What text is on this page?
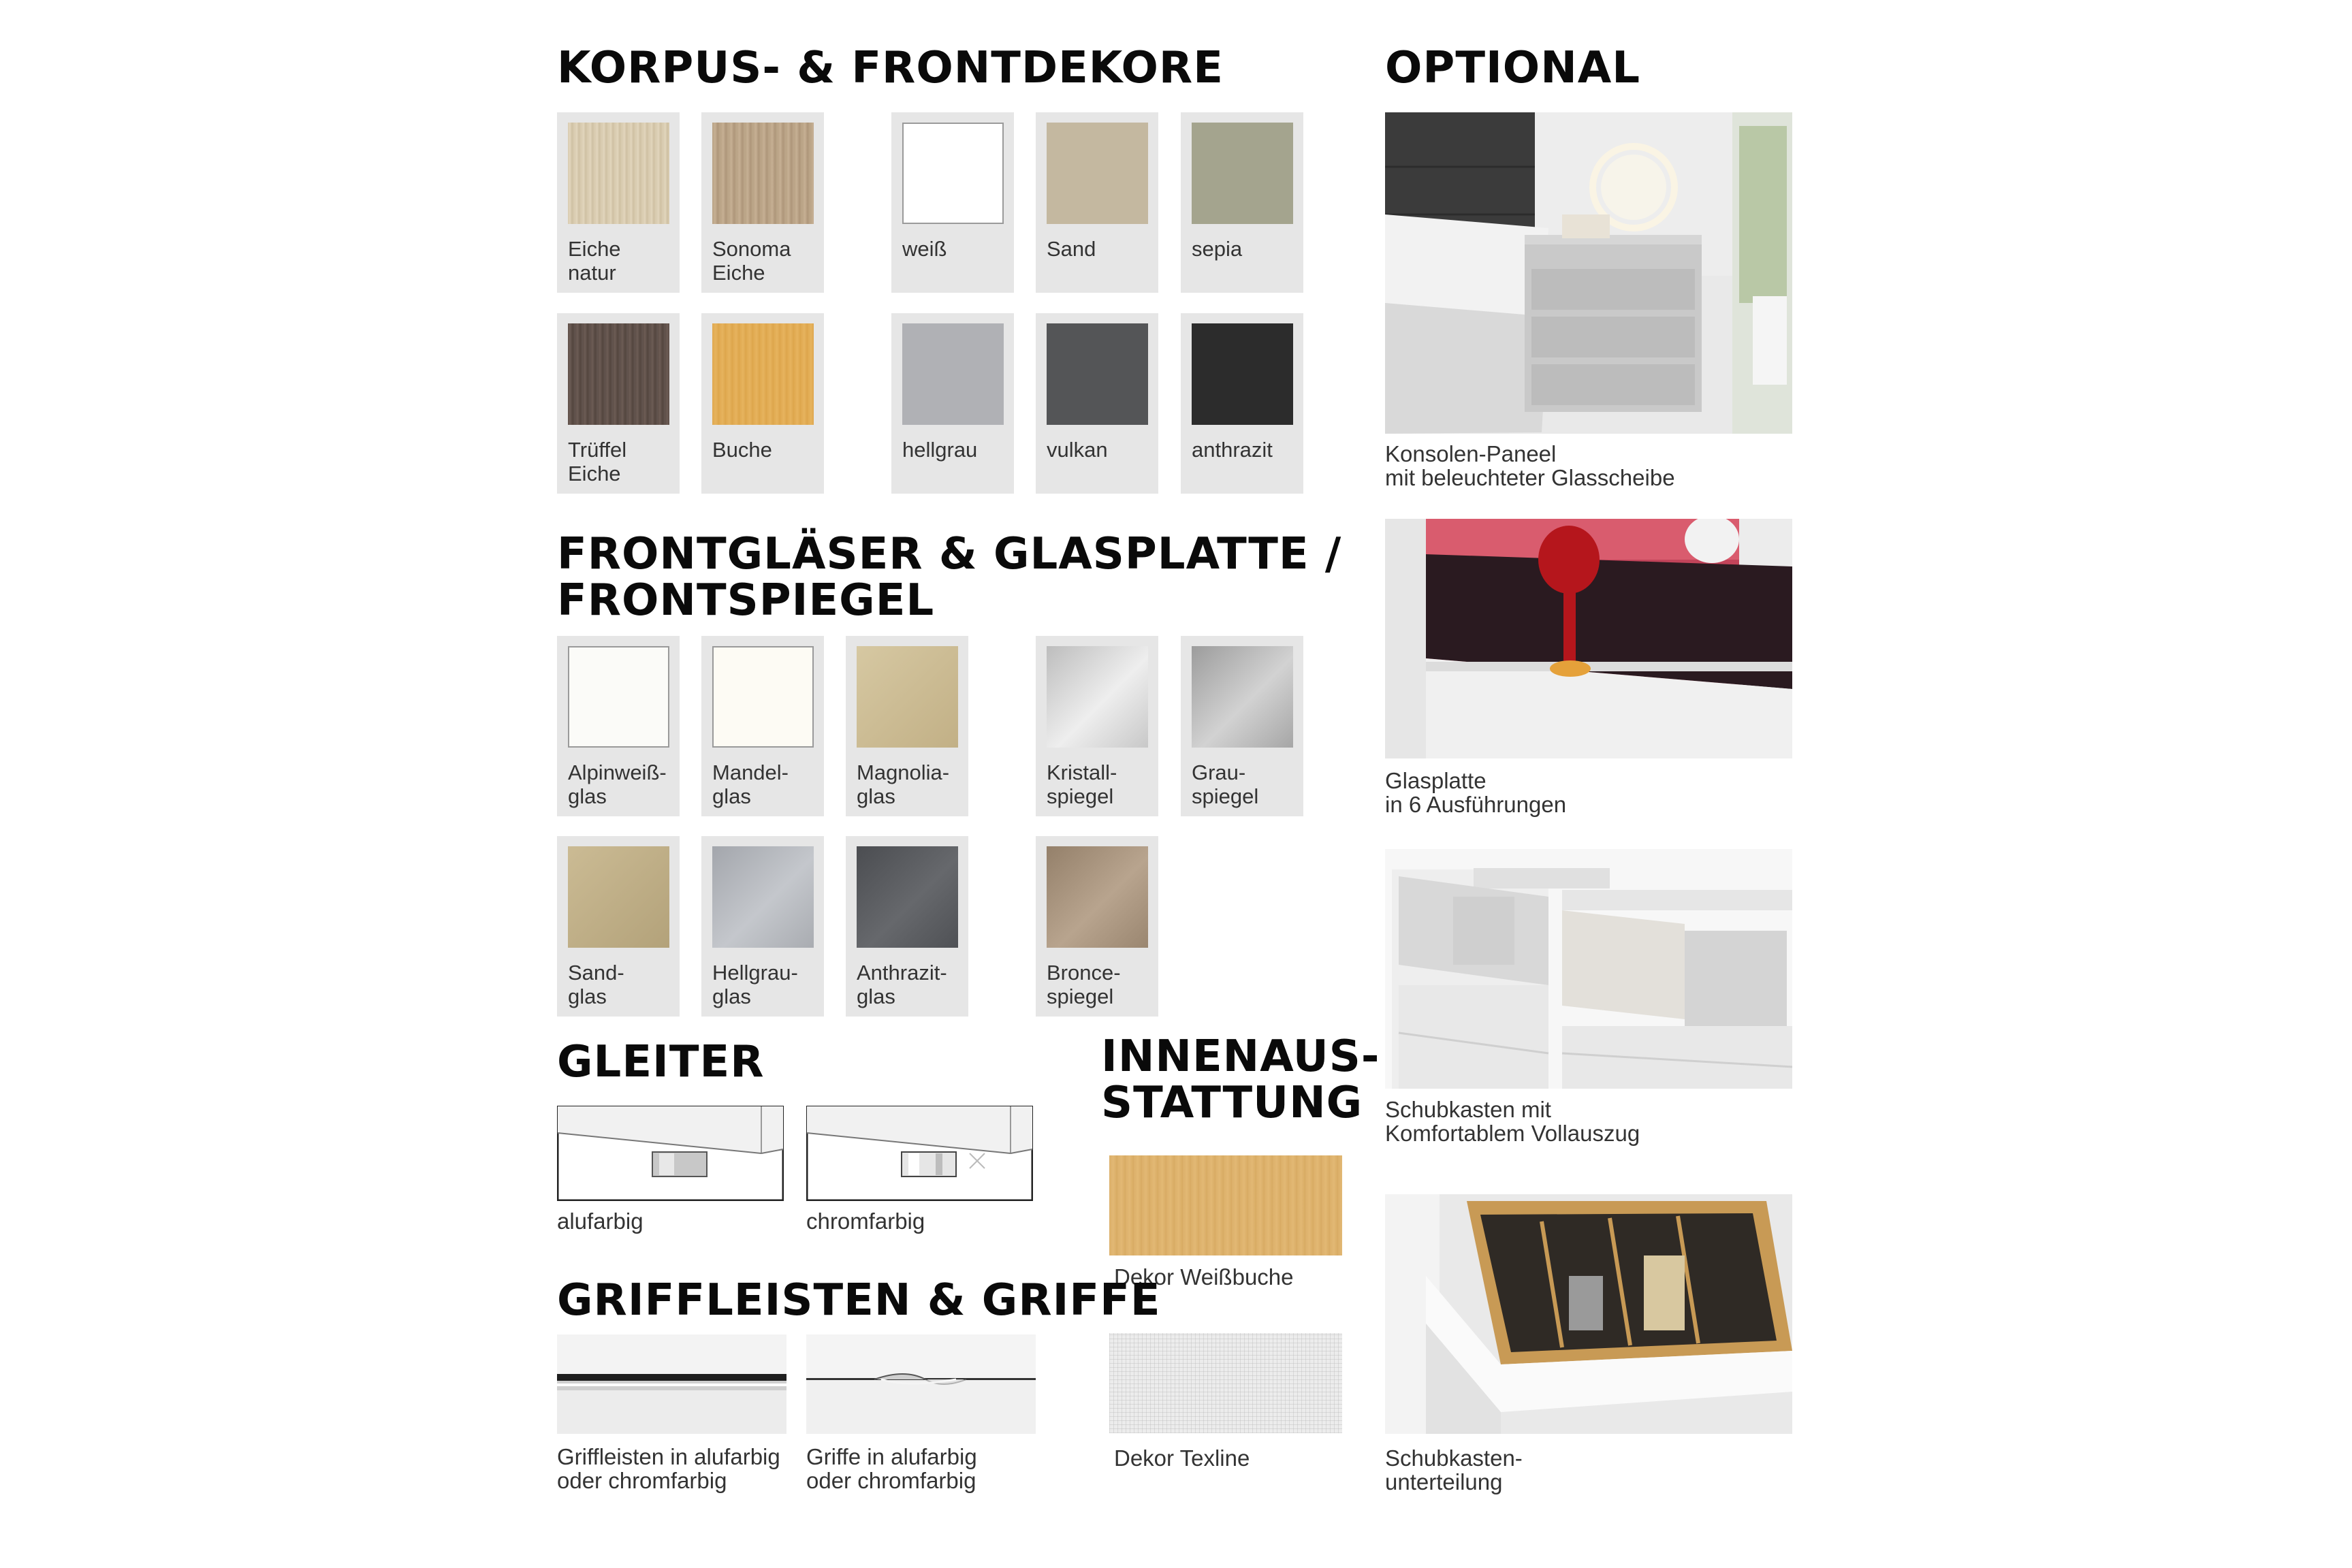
KORPUS- & FRONTDEKORE
Eiche
natur
Sonoma
Eiche
weiß	Sand	sepia
Trüffel
Eiche
Buche	hellgrau	vulkan	anthrazit
FRONTGLÄSER & GLASPLATTE /
FRONTSPIEGEL
Alpinweiß-
glas
Mandel-
glas
Magnolia-
glas
Kristall-
spiegel
Grau-
spiegel
Sand-
glas
Hellgrau-
glas
Anthrazit-
glas
Bronce-
spiegel
GLEITER
alufarbig	chromfarbig
INNENAUS-
STATTUNG
Dekor Weißbuche
Dekor Texline
GRIFFLEISTEN & GRIFFE
Griffleisten in alufarbig
oder chromfarbig
Griffe in alufarbig
oder chromfarbig
OPTIONAL
Konsolen-Paneel
mit beleuchteter Glasscheibe
Glasplatte
in 6 Ausführungen
Schubkasten mit
Komfortablem Vollauszug
Schubkasten-
unterteilung
